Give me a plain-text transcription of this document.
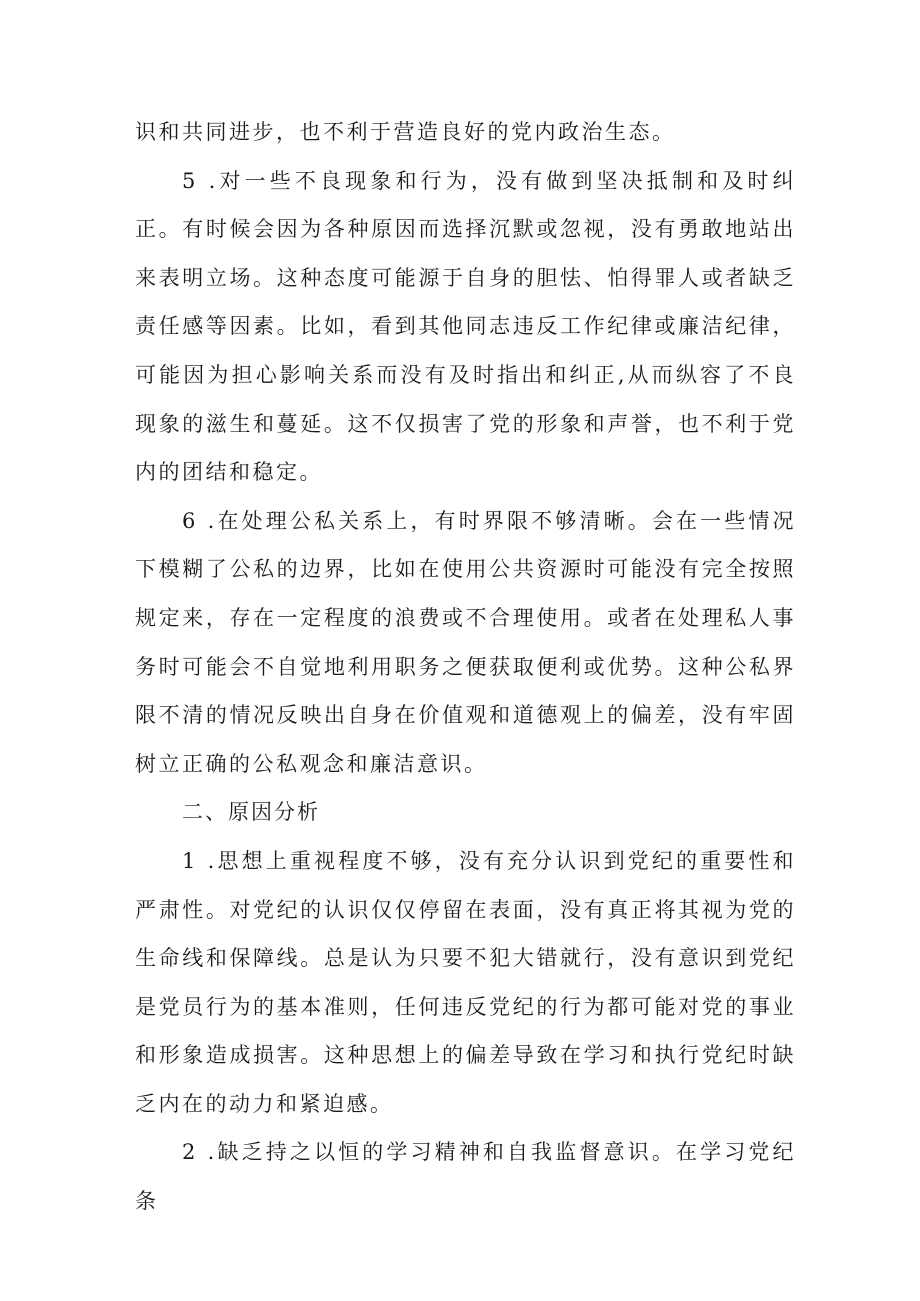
识和共同进步，也不利于营造良好的党内政治生态。

5 .对一些不良现象和行为，没有做到坚决抵制和及时纠正。有时候会因为各种原因而选择沉默或忽视，没有勇敢地站出来表明立场。这种态度可能源于自身的胆怯、怕得罪人或者缺乏责任感等因素。比如，看到其他同志违反工作纪律或廉洁纪律，可能因为担心影响关系而没有及时指出和纠正,从而纵容了不良现象的滋生和蔓延。这不仅损害了党的形象和声誉，也不利于党内的团结和稳定。

6 .在处理公私关系上，有时界限不够清晰。会在一些情况下模糊了公私的边界，比如在使用公共资源时可能没有完全按照规定来，存在一定程度的浪费或不合理使用。或者在处理私人事务时可能会不自觉地利用职务之便获取便利或优势。这种公私界限不清的情况反映出自身在价值观和道德观上的偏差，没有牢固树立正确的公私观念和廉洁意识。

二、原因分析

1 .思想上重视程度不够，没有充分认识到党纪的重要性和严肃性。对党纪的认识仅仅停留在表面，没有真正将其视为党的生命线和保障线。总是认为只要不犯大错就行，没有意识到党纪是党员行为的基本准则，任何违反党纪的行为都可能对党的事业和形象造成损害。这种思想上的偏差导致在学习和执行党纪时缺乏内在的动力和紧迫感。

2 .缺乏持之以恒的学习精神和自我监督意识。在学习党纪条
